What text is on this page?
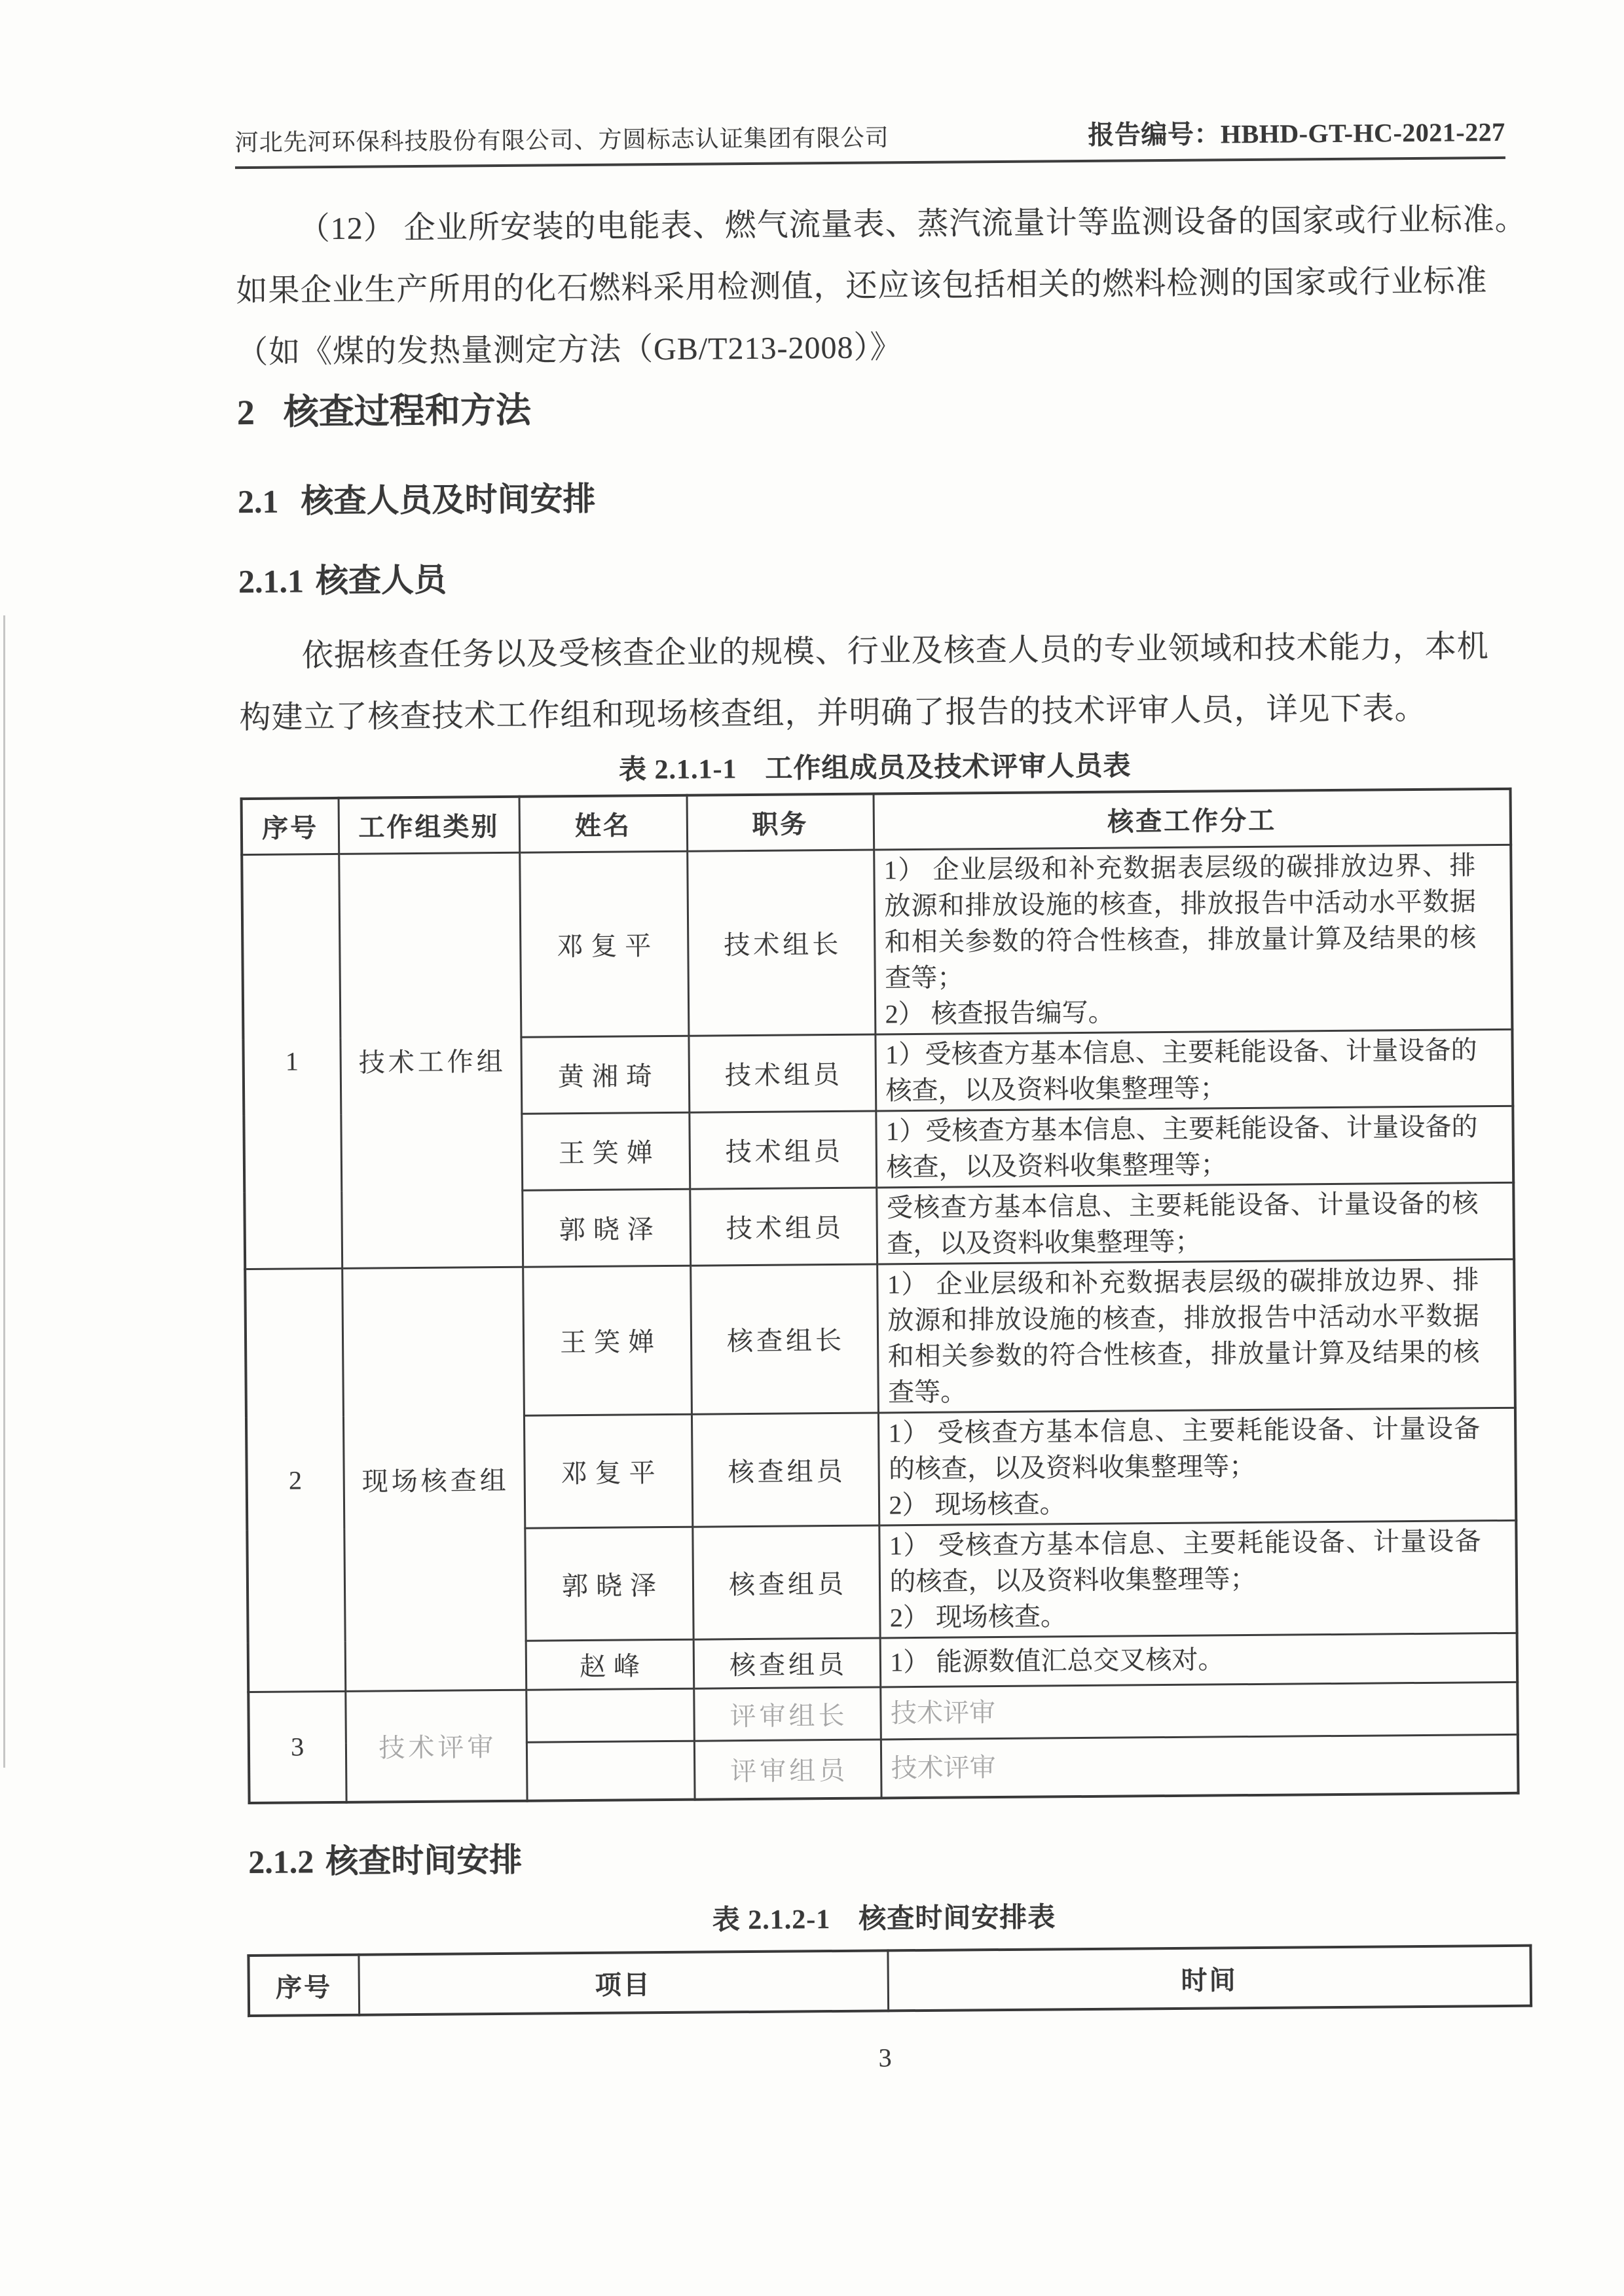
河北先河环保科技股份有限公司、方圆标志认证集团有限公司	报告编号：HBHD-GT-HC-2021-227
（12） 企业所安装的电能表、燃气流量表、蒸汽流量计等监测设备的国家或行业标准。
如果企业生产所用的化石燃料采用检测值，还应该包括相关的燃料检测的国家或行业标准
（如《煤的发热量测定方法（GB/T213-2008）》
2 核查过程和方法
2.1 核查人员及时间安排
2.1.1 核查人员
依据核查任务以及受核查企业的规模、行业及核查人员的专业领域和技术能力，本机
构建立了核查技术工作组和现场核查组，并明确了报告的技术评审人员，详见下表。
表 2.1.1-1　工作组成员及技术评审人员表
序号	工作组类别	姓名	职务	核查工作分工
1	技术工作组	邓复平	技术组长	1） 企业层级和补充数据表层级的碳排放边界、排放源和排放设施的核查，排放报告中活动水平数据和相关参数的符合性核查，排放量计算及结果的核查等；
2） 核查报告编写。
		黄湘琦	技术组员	1）受核查方基本信息、主要耗能设备、计量设备的核查，以及资料收集整理等；
		王笑婵	技术组员	1）受核查方基本信息、主要耗能设备、计量设备的核查，以及资料收集整理等；
		郭晓泽	技术组员	受核查方基本信息、主要耗能设备、计量设备的核查，以及资料收集整理等；
2	现场核查组	王笑婵	核查组长	1） 企业层级和补充数据表层级的碳排放边界、排放源和排放设施的核查，排放报告中活动水平数据和相关参数的符合性核查，排放量计算及结果的核查等。
		邓复平	核查组员	1） 受核查方基本信息、主要耗能设备、计量设备的核查，以及资料收集整理等；
2） 现场核查。
		郭晓泽	核查组员	1） 受核查方基本信息、主要耗能设备、计量设备的核查，以及资料收集整理等；
2） 现场核查。
		赵峰	核查组员	1） 能源数值汇总交叉核对。
3	技术评审		评审组长	技术评审
			评审组员	技术评审
2.1.2 核查时间安排
表 2.1.2-1　核查时间安排表
序号	项目	时间
3
